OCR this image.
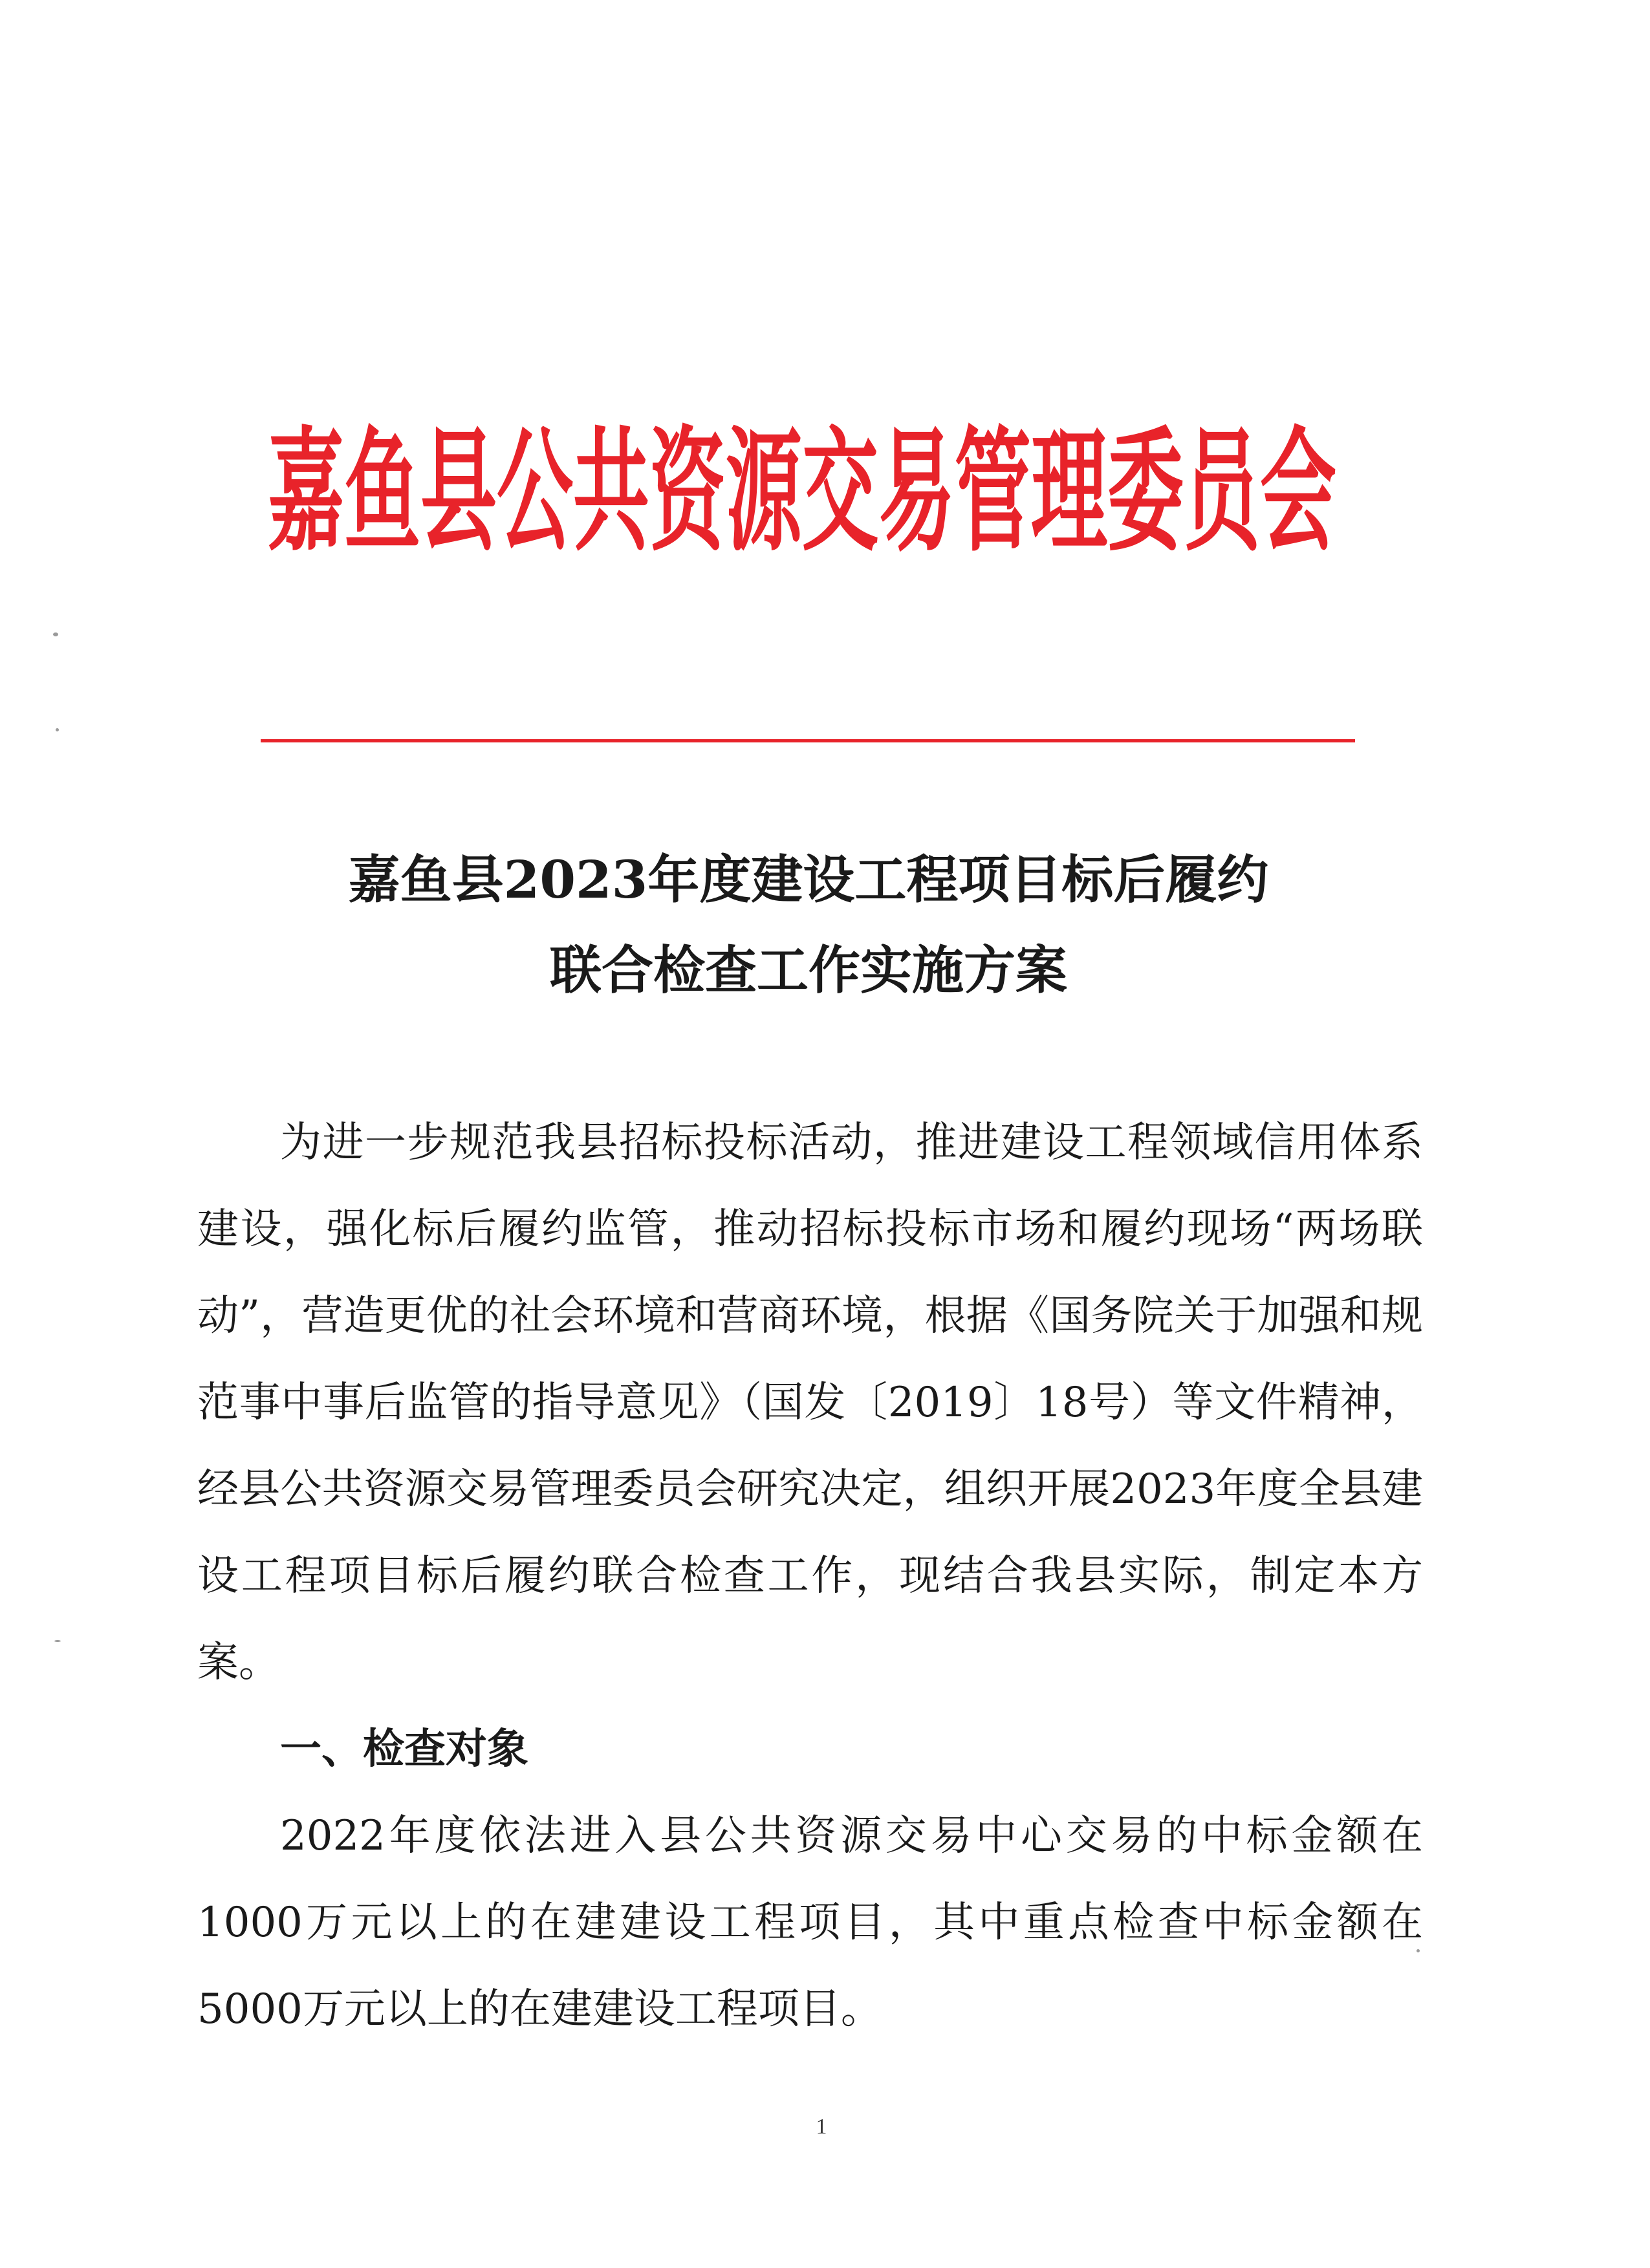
嘉鱼县公共资源交易管理委员会
嘉鱼县2023年度建设工程项目标后履约
联合检查工作实施方案

为进一步规范我县招标投标活动，推进建设工程领域信用体系建设，强化标后履约监管，推动招标投标市场和履约现场“两场联动”，营造更优的社会环境和营商环境，根据《国务院关于加强和规范事中事后监管的指导意见》（国发〔2019〕18号）等文件精神，经县公共资源交易管理委员会研究决定，组织开展2023年度全县建设工程项目标后履约联合检查工作，现结合我县实际，制定本方案。

一、检查对象

2022年度依法进入县公共资源交易中心交易的中标金额在1000万元以上的在建建设工程项目，其中重点检查中标金额在5000万元以上的在建建设工程项目。

1
